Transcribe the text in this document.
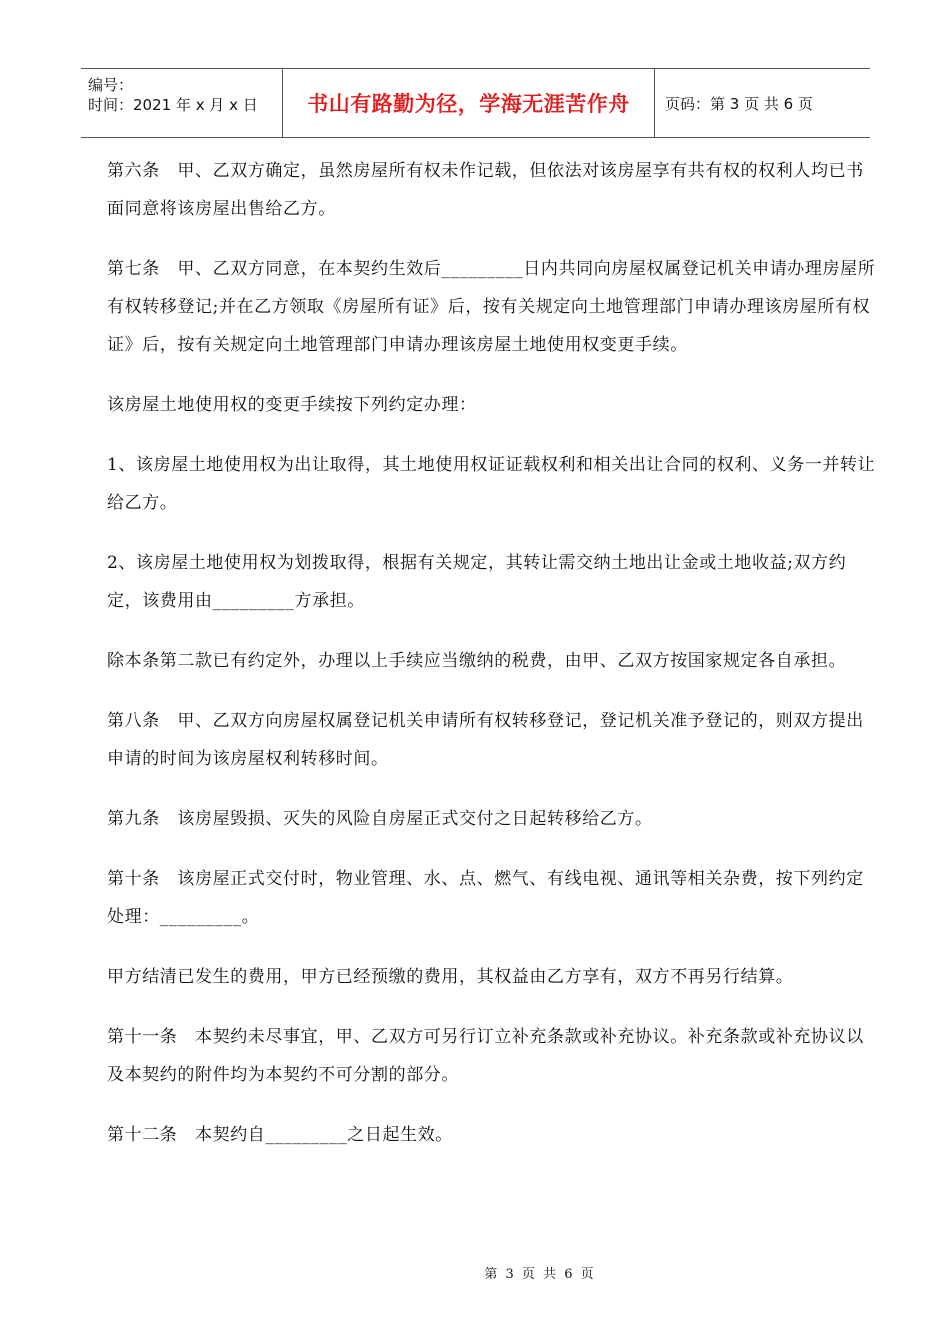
编号：
时间：2021 年 x 月 x 日	书山有路勤为径，学海无涯苦作舟	页码：第 3 页 共 6 页

第六条　甲、乙双方确定，虽然房屋所有权未作记载，但依法对该房屋享有共有权的权利人均已书面同意将该房屋出售给乙方。

第七条　甲、乙双方同意，在本契约生效后_________日内共同向房屋权属登记机关申请办理房屋所有权转移登记;并在乙方领取《房屋所有证》后，按有关规定向土地管理部门申请办理该房屋所有权证》后，按有关规定向土地管理部门申请办理该房屋土地使用权变更手续。

该房屋土地使用权的变更手续按下列约定办理：

1、该房屋土地使用权为出让取得，其土地使用权证证载权利和相关出让合同的权利、义务一并转让给乙方。

2、该房屋土地使用权为划拨取得，根据有关规定，其转让需交纳土地出让金或土地收益;双方约定，该费用由_________方承担。

除本条第二款已有约定外，办理以上手续应当缴纳的税费，由甲、乙双方按国家规定各自承担。

第八条　甲、乙双方向房屋权属登记机关申请所有权转移登记，登记机关准予登记的，则双方提出申请的时间为该房屋权利转移时间。

第九条　该房屋毁损、灭失的风险自房屋正式交付之日起转移给乙方。

第十条　该房屋正式交付时，物业管理、水、点、燃气、有线电视、通讯等相关杂费，按下列约定处理：_________。

甲方结清已发生的费用，甲方已经预缴的费用，其权益由乙方享有，双方不再另行结算。

第十一条　本契约未尽事宜，甲、乙双方可另行订立补充条款或补充协议。补充条款或补充协议以及本契约的附件均为本契约不可分割的部分。

第十二条　本契约自_________之日起生效。

第 3 页 共 6 页
